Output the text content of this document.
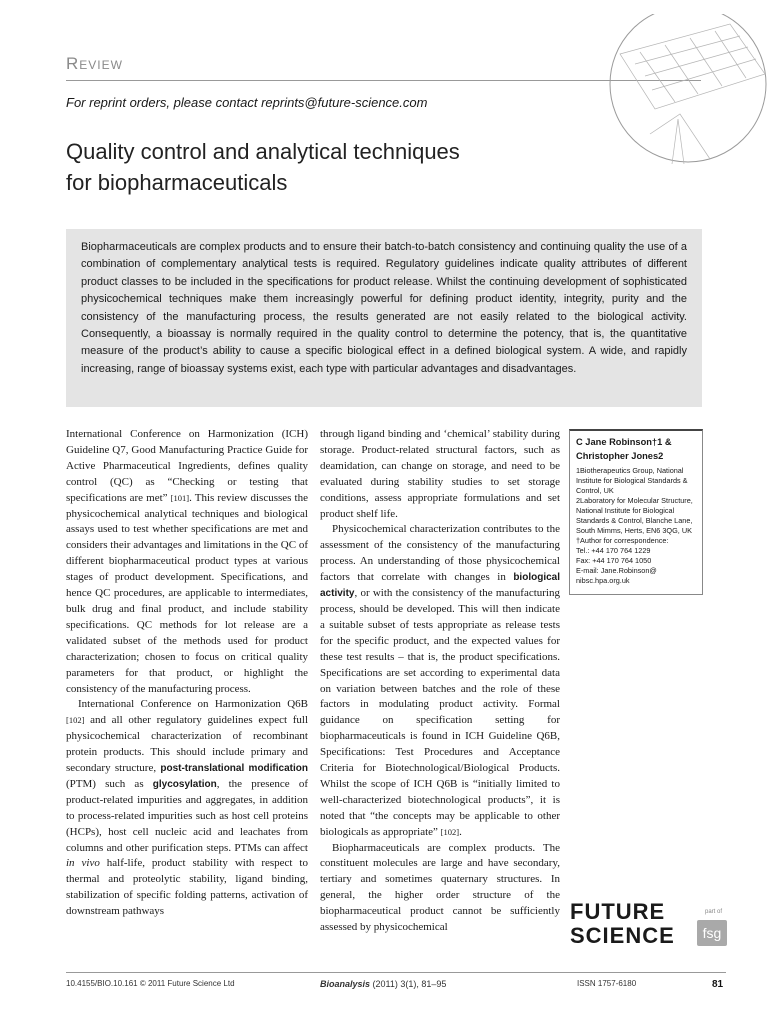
Review
For reprint orders, please contact reprints@future-science.com
Quality control and analytical techniques
for biopharmaceuticals
Biopharmaceuticals are complex products and to ensure their batch-to-batch consistency and continuing quality the use of a combination of complementary analytical tests is required. Regulatory guidelines indicate quality attributes of different product classes to be included in the specifications for product release. Whilst the continuing development of sophisticated physicochemical techniques make them increasingly powerful for defining product identity, integrity, purity and the consistency of the manufacturing process, the results generated are not easily related to the biological activity. Consequently, a bioassay is normally required in the quality control to determine the potency, that is, the quantitative measure of the product’s ability to cause a specific biological effect in a defined biological system. A wide, and rapidly increasing, range of bioassay systems exist, each type with particular advantages and disadvantages.

International Conference on Harmonization (ICH) Guideline Q7, Good Manufacturing Practice Guide for Active Pharmaceutical Ingredients, defines quality control (QC) as “Checking or testing that specifications are met” [101]. This review discusses the physicochemical analytical techniques and biological assays used to test whether specifications are met and considers their advantages and limitations in the QC of different biopharmaceutical product types at various stages of product development. Specifications, and hence QC procedures, are applicable to intermediates, bulk drug and final product, and include stability specifications. QC methods for lot release are a validated subset of the methods used for product characterization; chosen to focus on critical quality parameters for that product, or highlight the consistency of the manufacturing process.

International Conference on Harmonization Q6B [102] and all other regulatory guidelines expect full physicochemical characterization of recombinant protein products. This should include primary and secondary structure, post-translational modification (PTM) such as glycosylation, the presence of product-related impurities and aggregates, in addition to process-related impurities such as host cell proteins (HCPs), host cell nucleic acid and leachates from columns and other purification steps. PTMs can affect in vivo half-life, product stability with respect to thermal and proteolytic stability, ligand binding, stabilization of specific folding patterns, activation of downstream pathways

through ligand binding and ‘chemical’ stability during storage. Product-related structural factors, such as deamidation, can change on storage, and need to be evaluated during stability studies to set storage conditions, assess appropriate formulations and set product shelf life.

Physicochemical characterization contributes to the assessment of the consistency of the manufacturing process. An understanding of those physicochemical factors that correlate with changes in biological activity, or with the consistency of the manufacturing process, should be developed. This will then indicate a suitable subset of tests appropriate as release tests for the specific product, and the expected values for these test results – that is, the product specifications. Specifications are set according to experimental data on variation between batches and the role of these factors in modulating product activity. Formal guidance on specification setting for biopharmaceuticals is found in ICH Guideline Q6B, Specifications: Test Procedures and Acceptance Criteria for Biotechnological/Biological Products. Whilst the scope of ICH Q6B is “initially limited to well-characterized biotechnological products”, it is noted that “the concepts may be applicable to other biologicals as appropriate” [102].

Biopharmaceuticals are complex products. The constituent molecules are large and have secondary, tertiary and sometimes quaternary structures. In general, the higher order structure of the biopharmaceutical product cannot be sufficiently assessed by physicochemical

C Jane Robinson†1 & Christopher Jones2
1Biotherapeutics Group, National Institute for Biological Standards & Control, UK
2Laboratory for Molecular Structure, National Institute for Biological Standards & Control, Blanche Lane, South Mimms, Herts, EN6 3QG, UK
†Author for correspondence:
Tel.: +44 170 764 1229
Fax: +44 170 764 1050
E-mail: Jane.Robinson@ nibsc.hpa.org.uk
FUTURE
SCIENCE
part of
fsg
10.4155/BIO.10.161 © 2011 Future Science Ltd	Bioanalysis (2011) 3(1), 81–95	ISSN 1757-6180	81
